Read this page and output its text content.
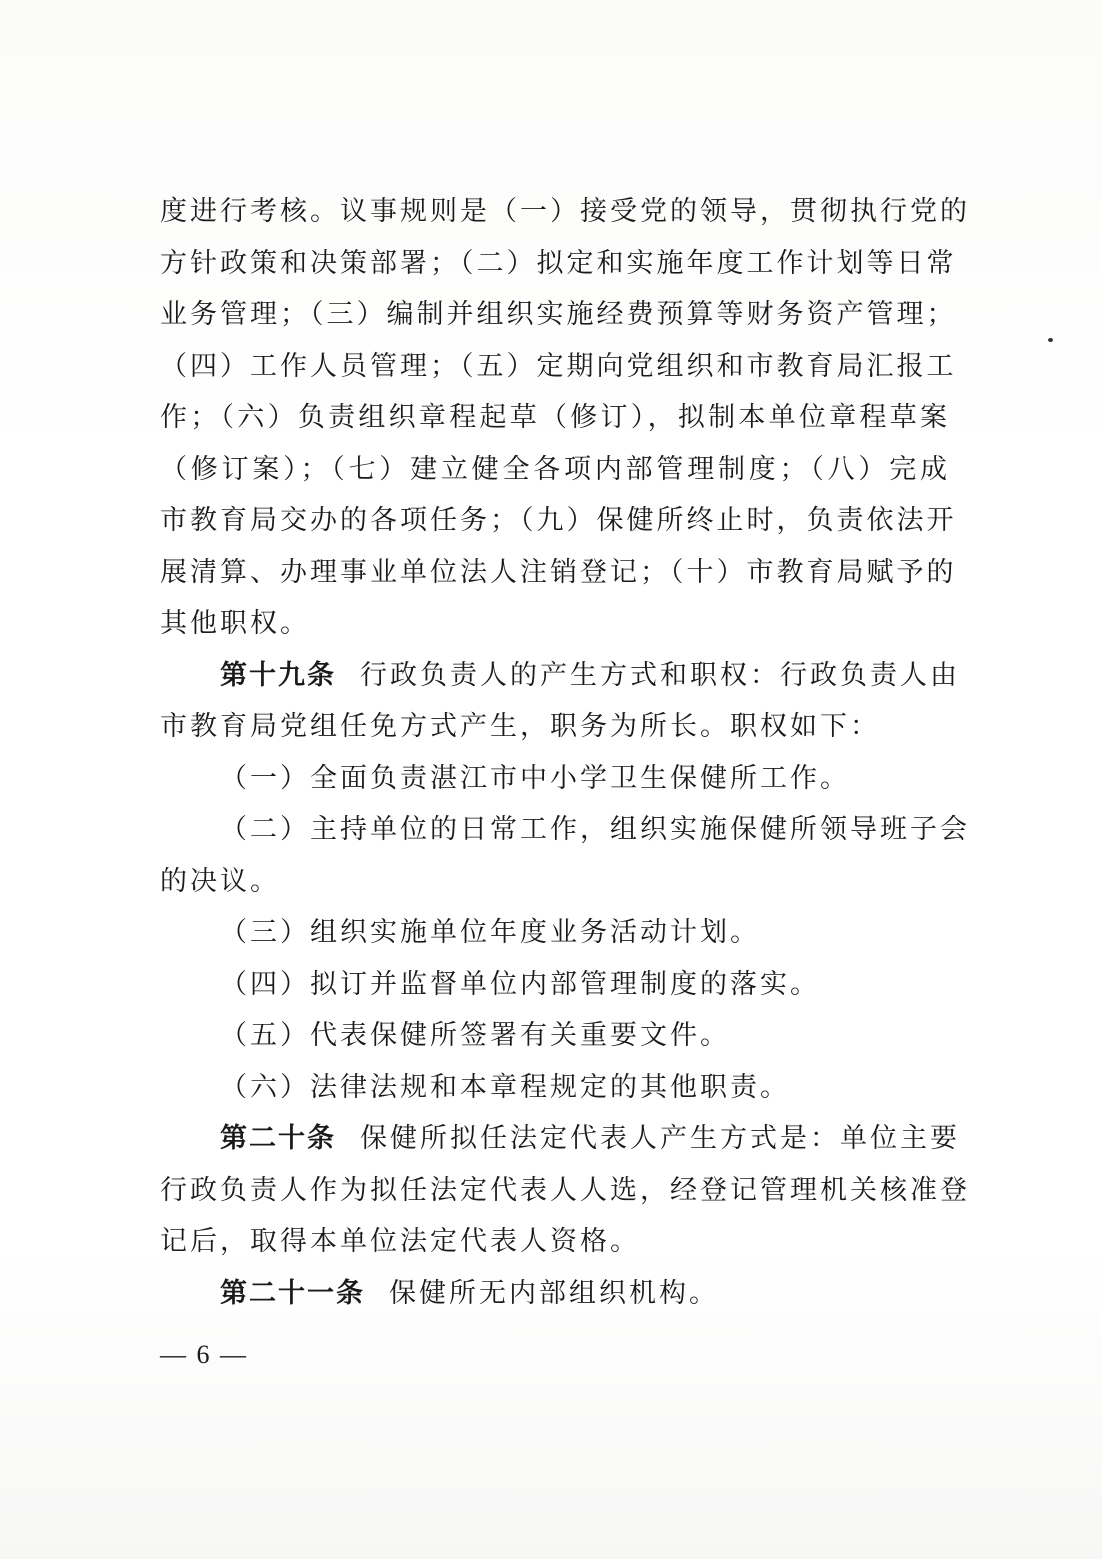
度进行考核。议事规则是（一）接受党的领导，贯彻执行党的
方针政策和决策部署；（二）拟定和实施年度工作计划等日常
业务管理；（三）编制并组织实施经费预算等财务资产管理；
（四）工作人员管理；（五）定期向党组织和市教育局汇报工
作；（六）负责组织章程起草（修订），拟制本单位章程草案
（修订案）；（七）建立健全各项内部管理制度；（八）完成
市教育局交办的各项任务；（九）保健所终止时，负责依法开
展清算、办理事业单位法人注销登记；（十）市教育局赋予的
其他职权。
第十九条 行政负责人的产生方式和职权：行政负责人由
市教育局党组任免方式产生，职务为所长。职权如下：
（一）全面负责湛江市中小学卫生保健所工作。
（二）主持单位的日常工作，组织实施保健所领导班子会
的决议。
（三）组织实施单位年度业务活动计划。
（四）拟订并监督单位内部管理制度的落实。
（五）代表保健所签署有关重要文件。
（六）法律法规和本章程规定的其他职责。
第二十条 保健所拟任法定代表人产生方式是：单位主要
行政负责人作为拟任法定代表人人选，经登记管理机关核准登
记后，取得本单位法定代表人资格。
第二十一条 保健所无内部组织机构。
— 6 —
